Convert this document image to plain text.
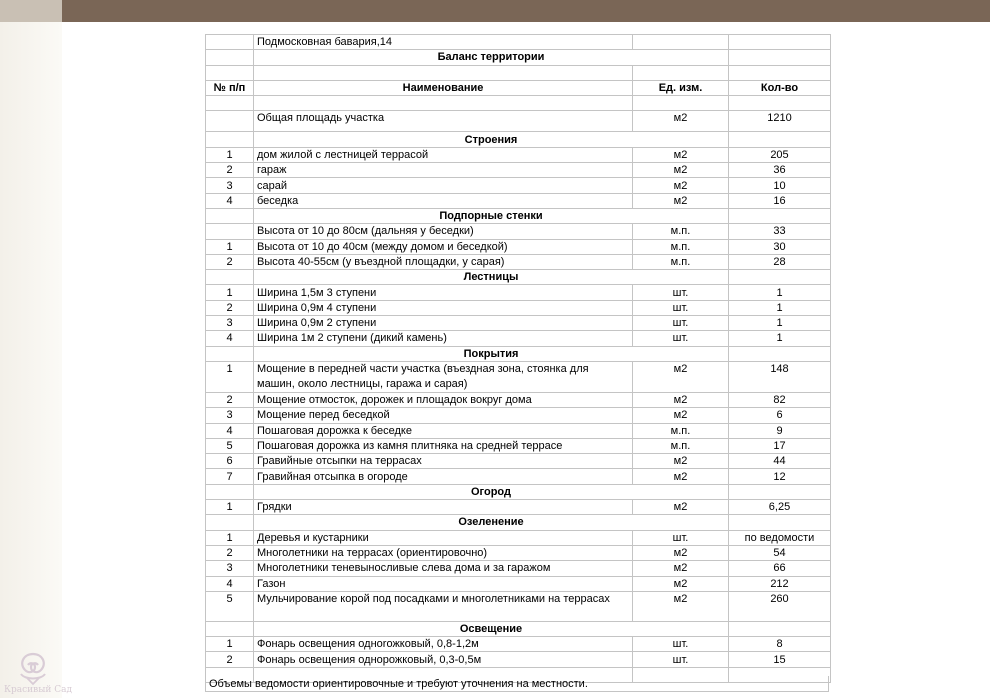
Красивый Сад
	Подмосковная бавария,14		
	Баланс территории		

№ п/п	Наименование	Ед. изм.	Кол-во

	Общая площадь участка	м2	1210
	Строения		
1	дом жилой с лестницей террасой	м2	205
2	гараж	м2	36
3	сарай	м2	10
4	беседка	м2	16
	Подпорные стенки		
	Высота от 10 до 80см (дальняя у беседки)	м.п.	33
1	Высота от 10 до 40см (между домом и беседкой)	м.п.	30
2	Высота 40-55см (у въездной площадки, у сарая)	м.п.	28
	Лестницы		
1	Ширина 1,5м 3 ступени	шт.	1
2	Ширина 0,9м 4 ступени	шт.	1
3	Ширина 0,9м 2 ступени	шт.	1
4	Ширина 1м 2 ступени (дикий камень)	шт.	1
	Покрытия		
1	Мощение в передней части участка (въездная зона, стоянка для машин, около лестницы, гаража и сарая)	м2	148
2	Мощение отмосток, дорожек и площадок вокруг дома	м2	82
3	Мощение перед беседкой	м2	6
4	Пошаговая дорожка к беседке	м.п.	9
5	Пошаговая дорожка из камня плитняка на средней террасе	м.п.	17
6	Гравийные отсыпки на террасах	м2	44
7	Гравийная отсыпка в огороде	м2	12
	Огород		
1	Грядки	м2	6,25
	Озеленение		
1	Деревья и кустарники	шт.	по ведомости
2	Многолетники на террасах (ориентировочно)	м2	54
3	Многолетники теневыносливые слева дома и за гаражом	м2	66
4	Газон	м2	212
5	Мульчирование корой под посадками и многолетниками на террасах	м2	260
	Освещение		
1	Фонарь освещения одноrожковый, 0,8-1,2м	шт.	8
2	Фонарь освещения однорожковый, 0,3-0,5м	шт.	15

Объемы ведомости ориентировочные и требуют уточнения на местности.
